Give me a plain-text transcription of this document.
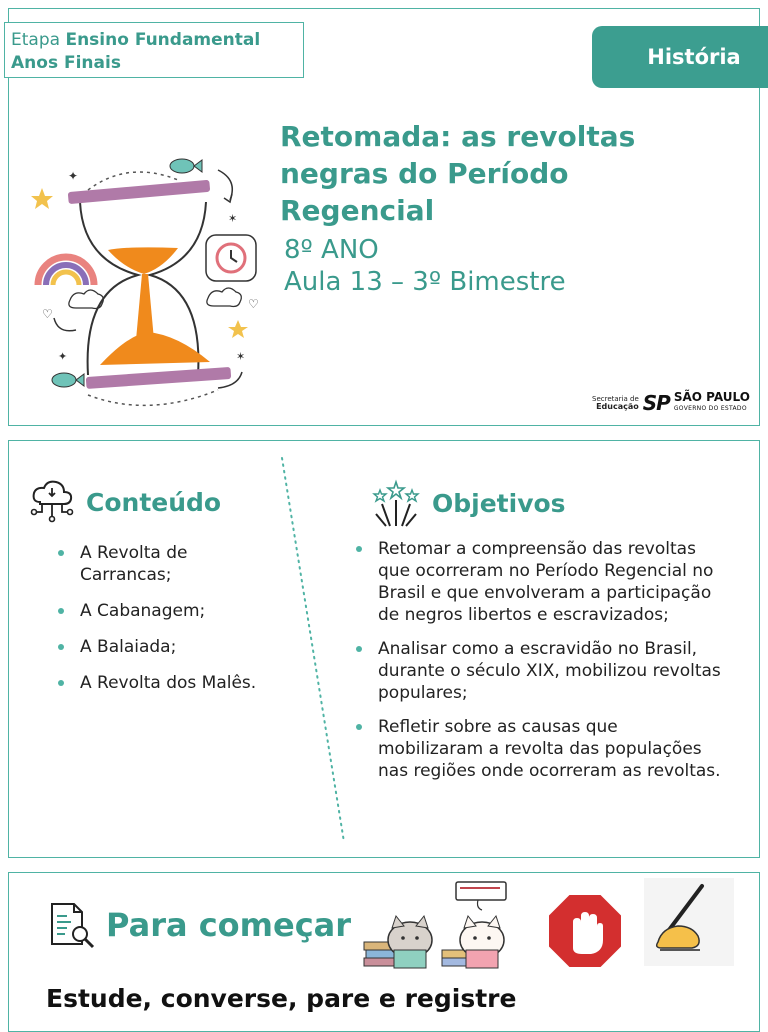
Etapa Ensino Fundamental
Anos Finais	História
✦
✶
✶
✦
♡
♡
Retomada: as revoltas negras do Período Regencial
8º ANO
Aula 13 – 3º Bimestre
Secretaria de
Educação SP SÃO PAULO
GOVERNO DO ESTADO
Conteúdo
A Revolta de Carrancas;
A Cabanagem;
A Balaiada;
A Revolta dos Malês.
Objetivos
Retomar a compreensão das revoltas que ocorreram no Período Regencial no Brasil e que envolveram a participação de negros libertos e escravizados;
Analisar como a escravidão no Brasil, durante o século XIX, mobilizou revoltas populares;
Refletir sobre as causas que mobilizaram a revolta das populações nas regiões onde ocorreram as revoltas.
Para começar
Estude, converse, pare e registre
